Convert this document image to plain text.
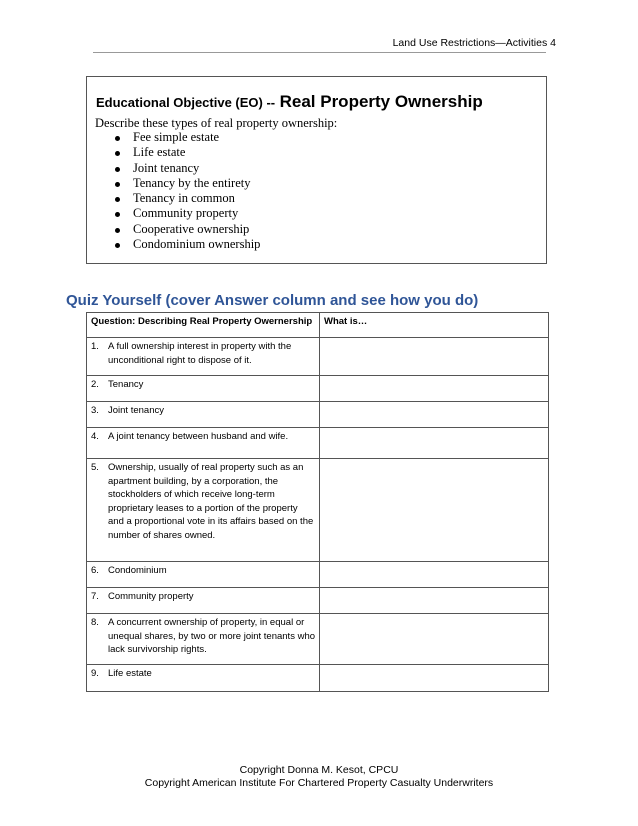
Land Use Restrictions—Activities 4
Educational Objective (EO) -- Real Property Ownership
Describe these types of real property ownership:
Fee simple estate
Life estate
Joint tenancy
Tenancy by the entirety
Tenancy in common
Community property
Cooperative ownership
Condominium ownership
Quiz Yourself (cover Answer column and see how you do)
Question: Describing Real Property Owernership	What is…

1. A full ownership interest in property with the unconditional right to dispose of it.	

2. Tenancy	

3. Joint tenancy	

4. A joint tenancy between husband and wife.	

5. Ownership, usually of real property such as an apartment building, by a corporation, the stockholders of which receive long-term proprietary leases to a portion of the property and a proportional vote in its affairs based on the number of shares owned.	

6. Condominium	

7. Community property	

8. A concurrent ownership of property, in equal or unequal shares, by two or more joint tenants who lack survivorship rights.	

9. Life estate	

Copyright Donna M. Kesot, CPCU
Copyright American Institute For Chartered Property Casualty Underwriters
